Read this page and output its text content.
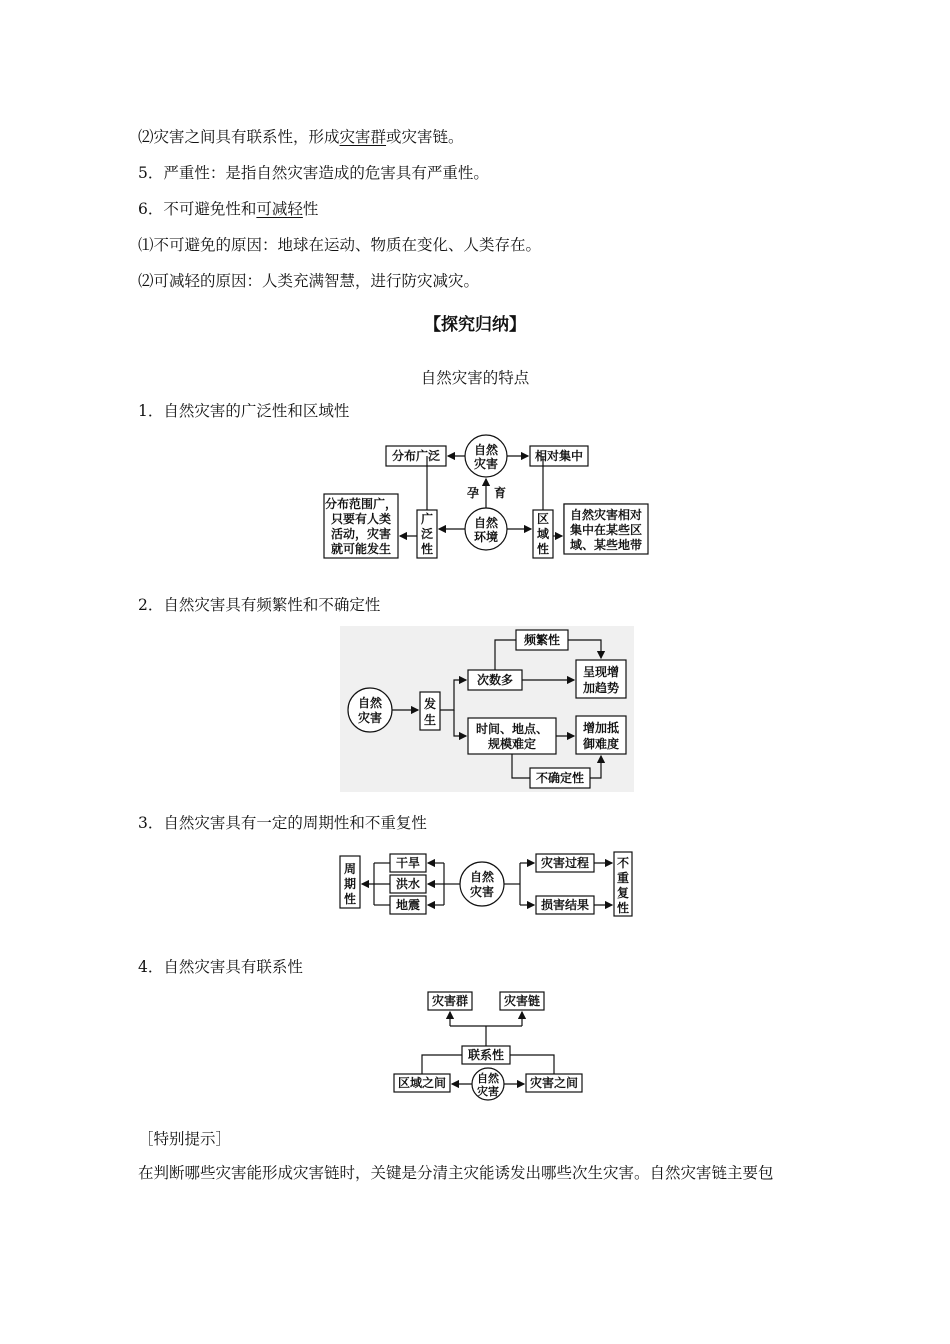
⑵灾害之间具有联系性，形成灾害群或灾害链。
5．严重性：是指自然灾害造成的危害具有严重性。
6．不可避免性和可减轻性
⑴不可避免的原因：地球在运动、物质在变化、人类存在。
⑵可减轻的原因：人类充满智慧，进行防灾减灾。
【探究归纳】
自然灾害的特点
1．自然灾害的广泛性和区域性
分布广泛	相对集中
自然
灾害
自然
环境
孕 育
分布范围广，
只要有人类
活动，灾害
就可能发生
广
泛
性
区
域
性
自然灾害相对
集中在某些区
域、某些地带
2．自然灾害具有频繁性和不确定性
自然
灾害
发
生
次数多
频繁性
呈现增
加趋势
时间、地点、
规模难定
增加抵
御难度
不确定性
3．自然灾害具有一定的周期性和不重复性
周
期
性
干旱
洪水
地震
自然
灾害
灾害过程
损害结果
不
重
复
性
4．自然灾害具有联系性
灾害群	灾害链
联系性
区域之间	灾害之间
自然
灾害
［特别提示］
在判断哪些灾害能形成灾害链时，关键是分清主灾能诱发出哪些次生灾害。自然灾害链主要包
